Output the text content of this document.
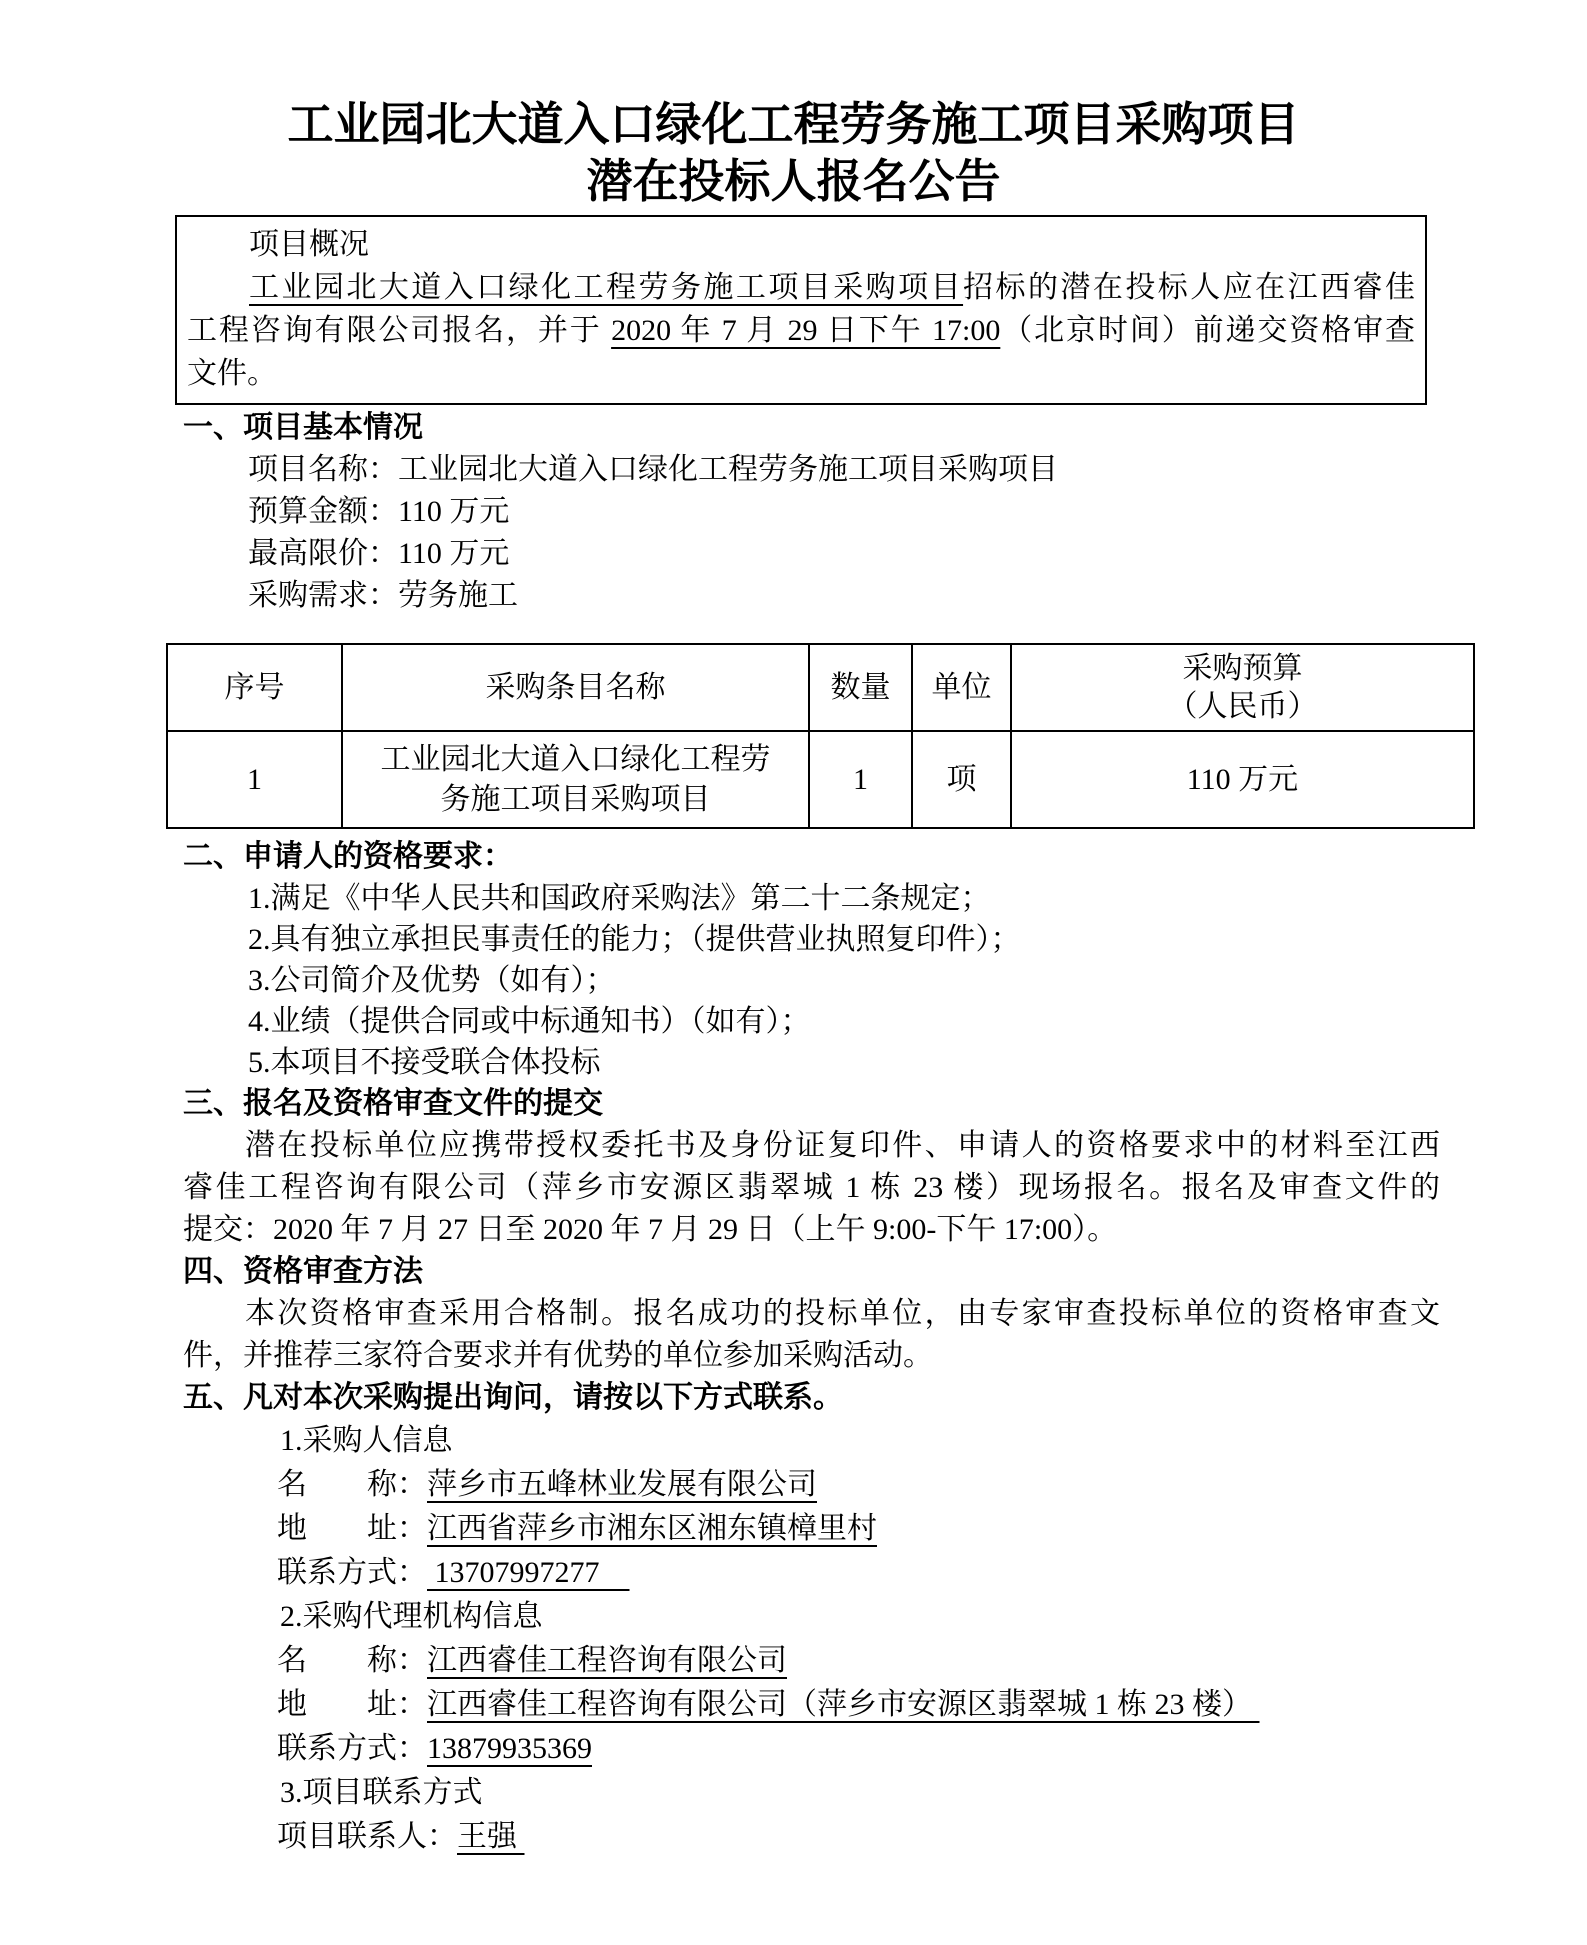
工业园北大道入口绿化工程劳务施工项目采购项目
潜在投标人报名公告
项目概况
工业园北大道入口绿化工程劳务施工项目采购项目招标的潜在投标人应在江西睿佳
工程咨询有限公司报名，并于 2020 年 7 月 29 日下午 17:00（北京时间）前递交资格审查
文件。
一、项目基本情况
项目名称：工业园北大道入口绿化工程劳务施工项目采购项目
预算金额：110 万元
最高限价：110 万元
采购需求：劳务施工
序号	采购条目名称	数量	单位	采购预算
（人民币）

1	工业园北大道入口绿化工程劳
务施工项目采购项目	1	项	110 万元
二、申请人的资格要求：
1.满足《中华人民共和国政府采购法》第二十二条规定；
2.具有独立承担民事责任的能力；（提供营业执照复印件）；
3.公司简介及优势（如有）；
4.业绩（提供合同或中标通知书）（如有）；
5.本项目不接受联合体投标
三、报名及资格审查文件的提交
潜在投标单位应携带授权委托书及身份证复印件、申请人的资格要求中的材料至江西
睿佳工程咨询有限公司（萍乡市安源区翡翠城 1 栋 23 楼）现场报名。报名及审查文件的
提交：2020 年 7 月 27 日至 2020 年 7 月 29 日（上午 9:00-下午 17:00）。
四、资格审查方法
本次资格审查采用合格制。报名成功的投标单位，由专家审查投标单位的资格审查文
件，并推荐三家符合要求并有优势的单位参加采购活动。
五、凡对本次采购提出询问，请按以下方式联系。
1.采购人信息
名　　称：萍乡市五峰林业发展有限公司
地　　址：江西省萍乡市湘东区湘东镇樟里村
联系方式： 13707997277
2.采购代理机构信息
名　　称：江西睿佳工程咨询有限公司
地　　址：江西睿佳工程咨询有限公司（萍乡市安源区翡翠城 1 栋 23 楼）
联系方式：13879935369
3.项目联系方式
项目联系人：王强
